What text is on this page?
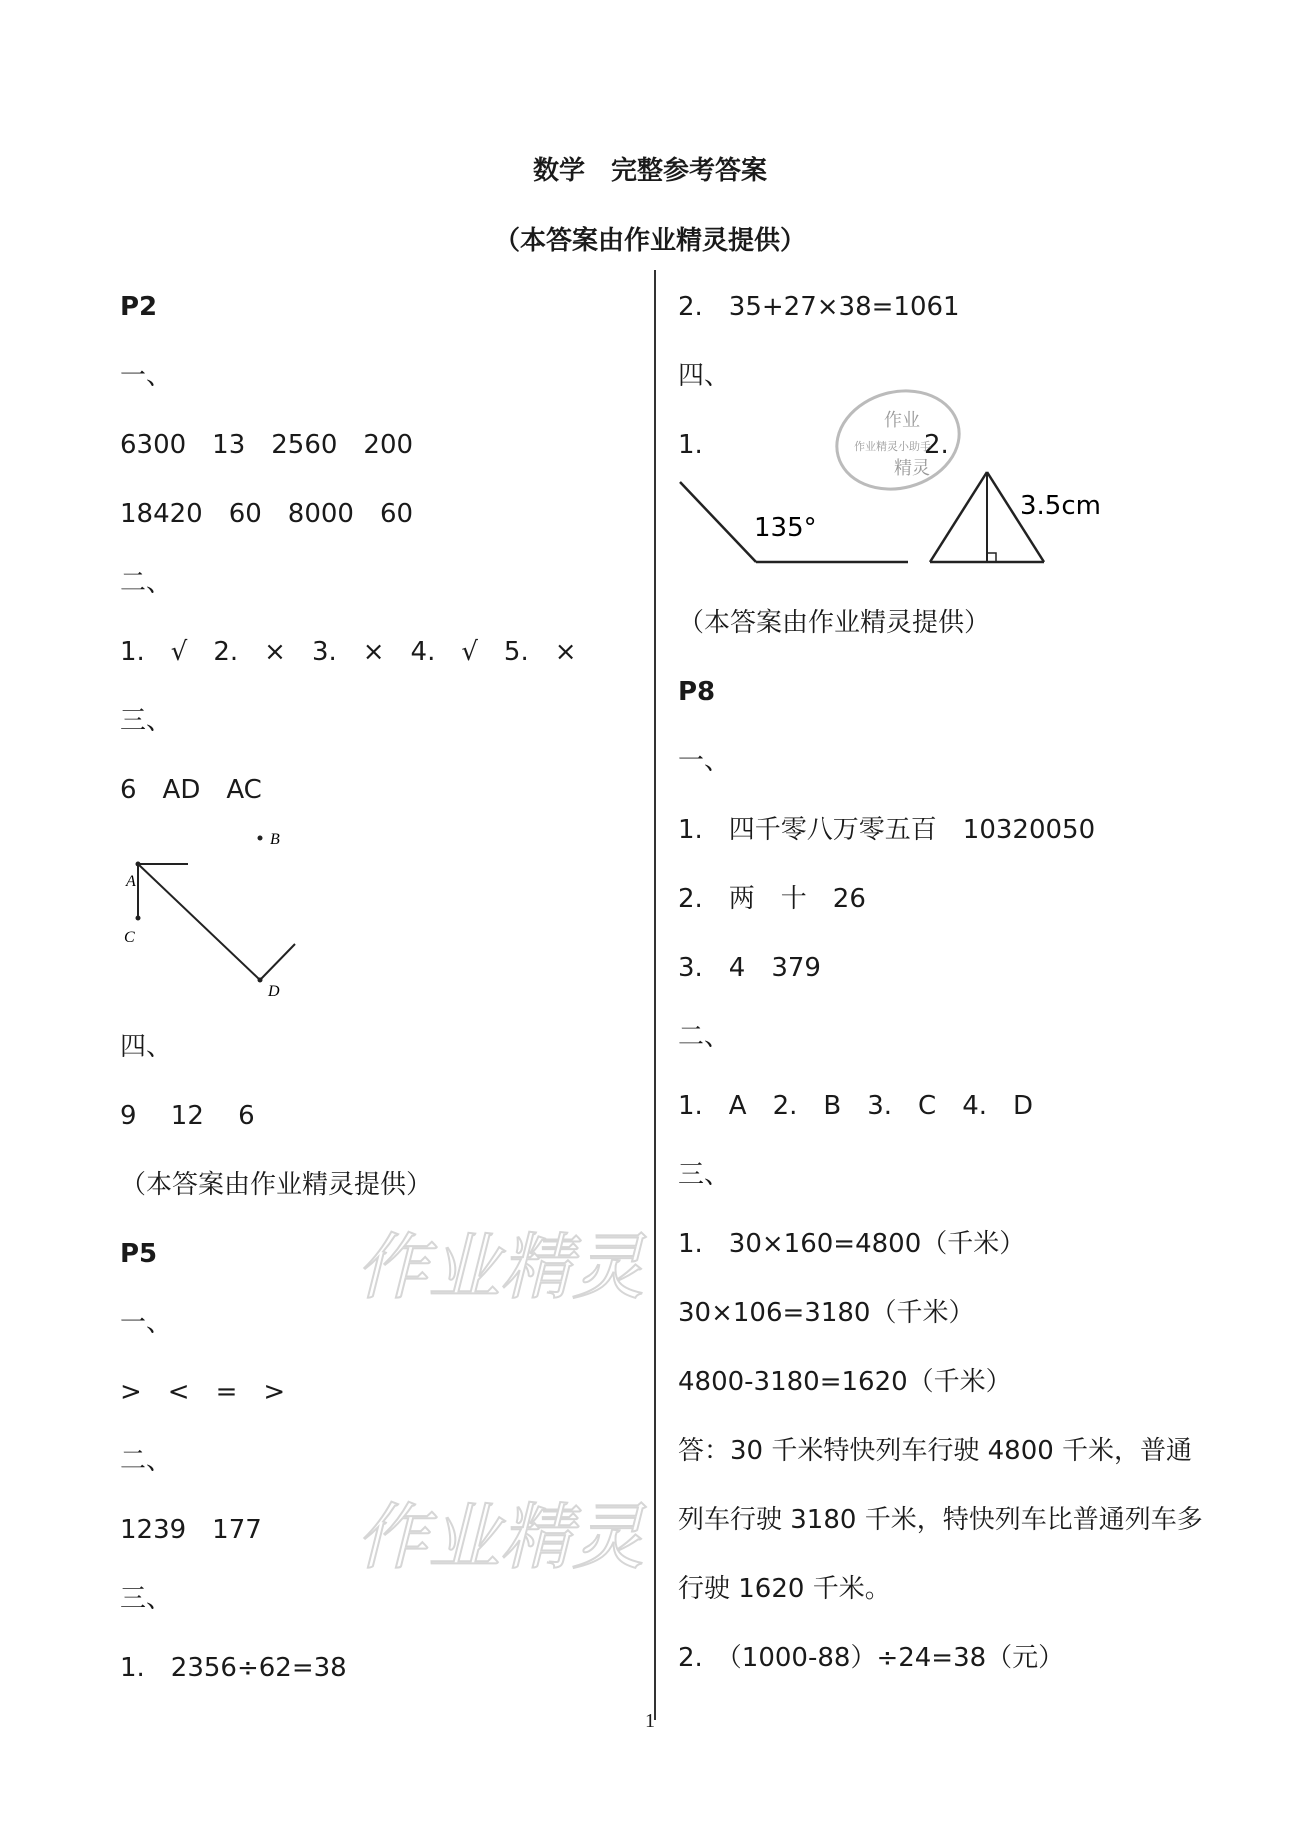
数学　完整参考答案
（本答案由作业精灵提供）
P2
一、
6300　13　2560　200
18420　60　8000　60
二、
1.　√　2.　×　3.　×　4.　√　5.　×
三、
6　AD　AC
B
A
C
D
四、
9　 12　 6
（本答案由作业精灵提供）
P5
一、
>　<　=　>
二、
1239　177
三、
1.　2356÷62=38
2.　35+27×38=1061
四、
1.	2.
135°
3.5cm
（本答案由作业精灵提供）
P8
一、
1.　四千零八万零五百　10320050
2.　两　十　26
3.　4　379
二、
1.　A　2.　B　3.　C　4.　D
三、
1.　30×160=4800（千米）
30×106=3180（千米）
4800-3180=1620（千米）
答：30 千米特快列车行驶 4800 千米，普通
列车行驶 3180 千米，特快列车比普通列车多
行驶 1620 千米。
2.　（1000-88）÷24=38（元）
作业
作业精灵小助手
精灵
作业精灵
作业精灵
1
